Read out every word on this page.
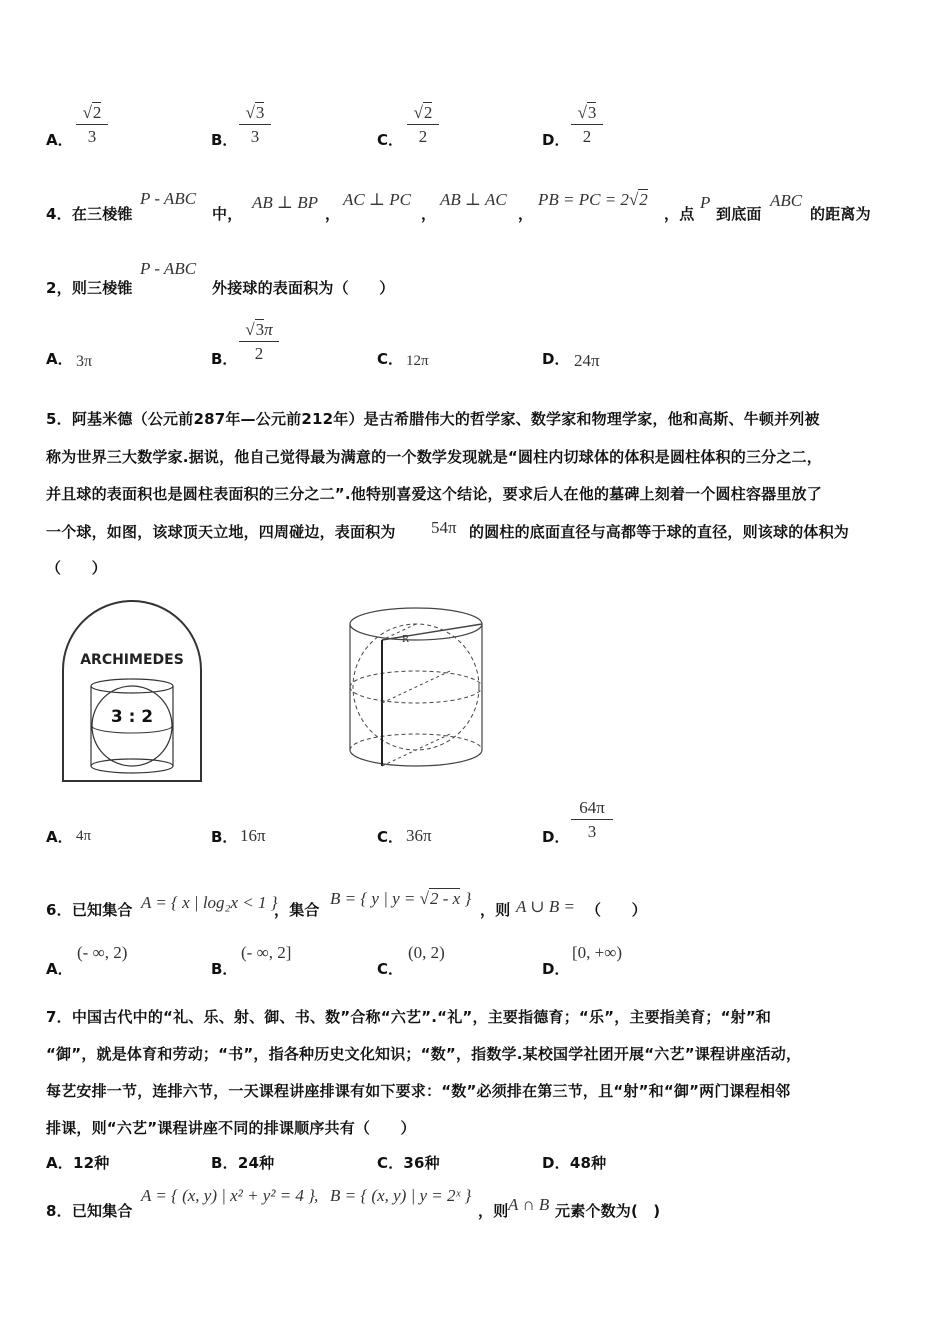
A．
√2
3	B．
√3
3	C．
√2
2	D．
√3
2
4．在三棱锥
P - ABC
中，
AB ⊥ BP
，
AC ⊥ PC
，
AB ⊥ AC
，
PB = PC = 2√2
，点
P
到底面
ABC
的距离为
2，则三棱锥
P - ABC
外接球的表面积为（　　）
A． 3π	B．
√3π
2	C． 12π	D． 24π
5．阿基米德（公元前287年—公元前212年）是古希腊伟大的哲学家、数学家和物理学家，他和高斯、牛顿并列被
称为世界三大数学家.据说，他自己觉得最为满意的一个数学发现就是“圆柱内切球体的体积是圆柱体积的三分之二，
并且球的表面积也是圆柱表面积的三分之二”.他特别喜爱这个结论，要求后人在他的墓碑上刻着一个圆柱容器里放了
一个球，如图，该球顶天立地，四周碰边，表面积为 54π 的圆柱的底面直径与高都等于球的直径，则该球的体积为
（　　）
ARCHIMEDES
3 : 2
R
A． 4π	B． 16π	C． 36π	D．
64π
3
6．已知集合 A = { x | log₂x < 1 }
，集合
B = { y | y = √2 - x }
，则 A ∪ B = （　　）
A．
(- ∞, 2)
B．
(- ∞, 2]
C．
(0, 2)
D．
[0, +∞)
7．中国古代中的“礼、乐、射、御、书、数”合称“六艺”.“礼”，主要指德育；“乐”，主要指美育；“射”和
“御”，就是体育和劳动；“书”，指各种历史文化知识；“数”，指数学.某校国学社团开展“六艺”课程讲座活动，
每艺安排一节，连排六节，一天课程讲座排课有如下要求：“数”必须排在第三节，且“射”和“御”两门课程相邻
排课，则“六艺”课程讲座不同的排课顺序共有（　　）
A．12种	B．24种	C．36种	D．48种
8．已知集合
A = { (x, y) | x² + y² = 4 } , B = { (x, y) | y = 2ˣ }
，则 A ∩ B 元素个数为(　)
